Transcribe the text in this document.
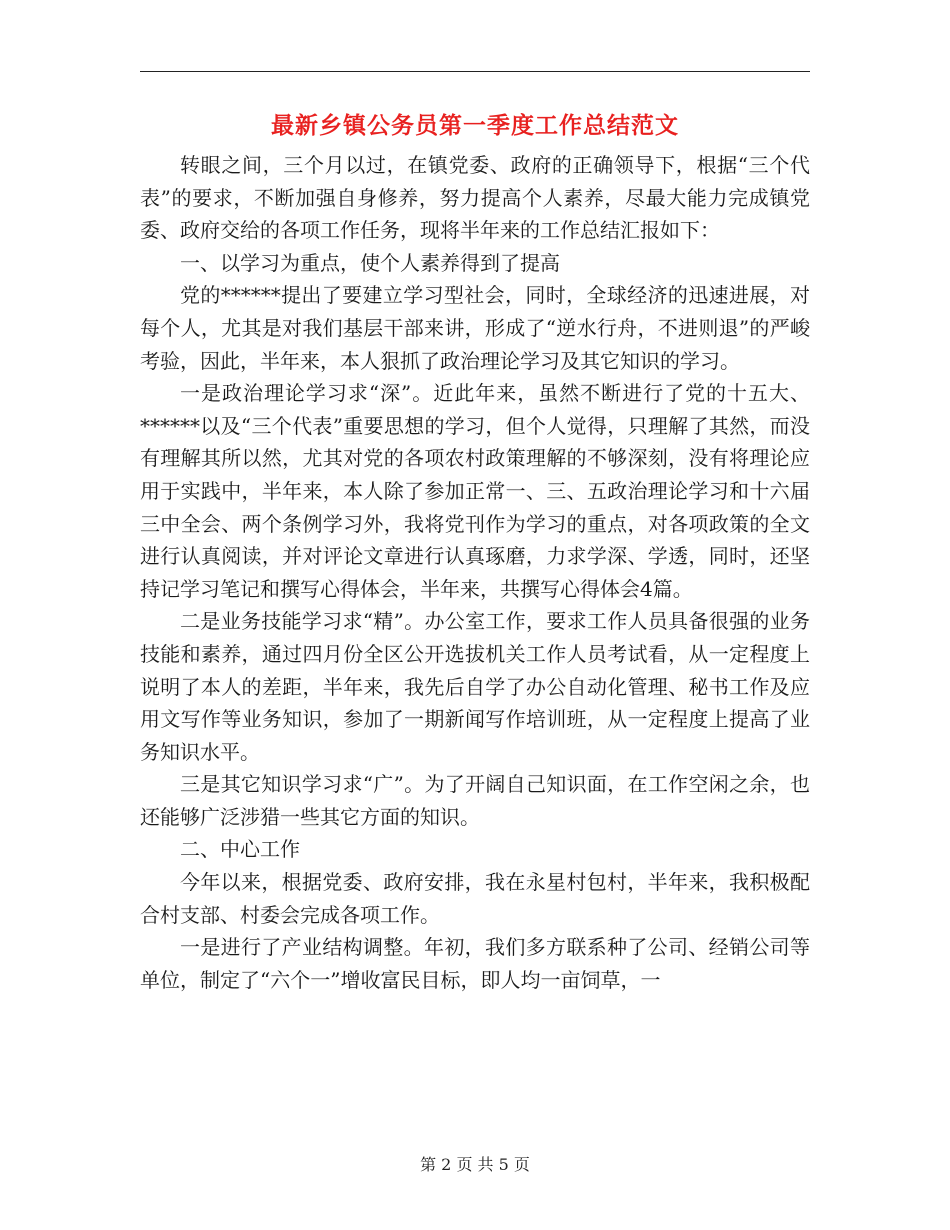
最新乡镇公务员第一季度工作总结范文

转眼之间，三个月以过，在镇党委、政府的正确领导下，根据“三个代表”的要求，不断加强自身修养，努力提高个人素养，尽最大能力完成镇党委、政府交给的各项工作任务，现将半年来的工作总结汇报如下：

一、以学习为重点，使个人素养得到了提高

党的******提出了要建立学习型社会，同时，全球经济的迅速进展，对每个人，尤其是对我们基层干部来讲，形成了“逆水行舟，不进则退”的严峻考验，因此，半年来，本人狠抓了政治理论学习及其它知识的学习。

一是政治理论学习求“深”。近此年来，虽然不断进行了党的十五大、******以及“三个代表”重要思想的学习，但个人觉得，只理解了其然，而没有理解其所以然，尤其对党的各项农村政策理解的不够深刻，没有将理论应用于实践中，半年来，本人除了参加正常一、三、五政治理论学习和十六届三中全会、两个条例学习外，我将党刊作为学习的重点，对各项政策的全文进行认真阅读，并对评论文章进行认真琢磨，力求学深、学透，同时，还坚持记学习笔记和撰写心得体会，半年来，共撰写心得体会4篇。

二是业务技能学习求“精”。办公室工作，要求工作人员具备很强的业务技能和素养，通过四月份全区公开选拔机关工作人员考试看，从一定程度上说明了本人的差距，半年来，我先后自学了办公自动化管理、秘书工作及应用文写作等业务知识，参加了一期新闻写作培训班，从一定程度上提高了业务知识水平。

三是其它知识学习求“广”。为了开阔自己知识面，在工作空闲之余，也还能够广泛涉猎一些其它方面的知识。

二、中心工作

今年以来，根据党委、政府安排，我在永星村包村，半年来，我积极配合村支部、村委会完成各项工作。

一是进行了产业结构调整。年初，我们多方联系种了公司、经销公司等单位，制定了“六个一”增收富民目标，即人均一亩饲草，一

第 2 页 共 5 页
